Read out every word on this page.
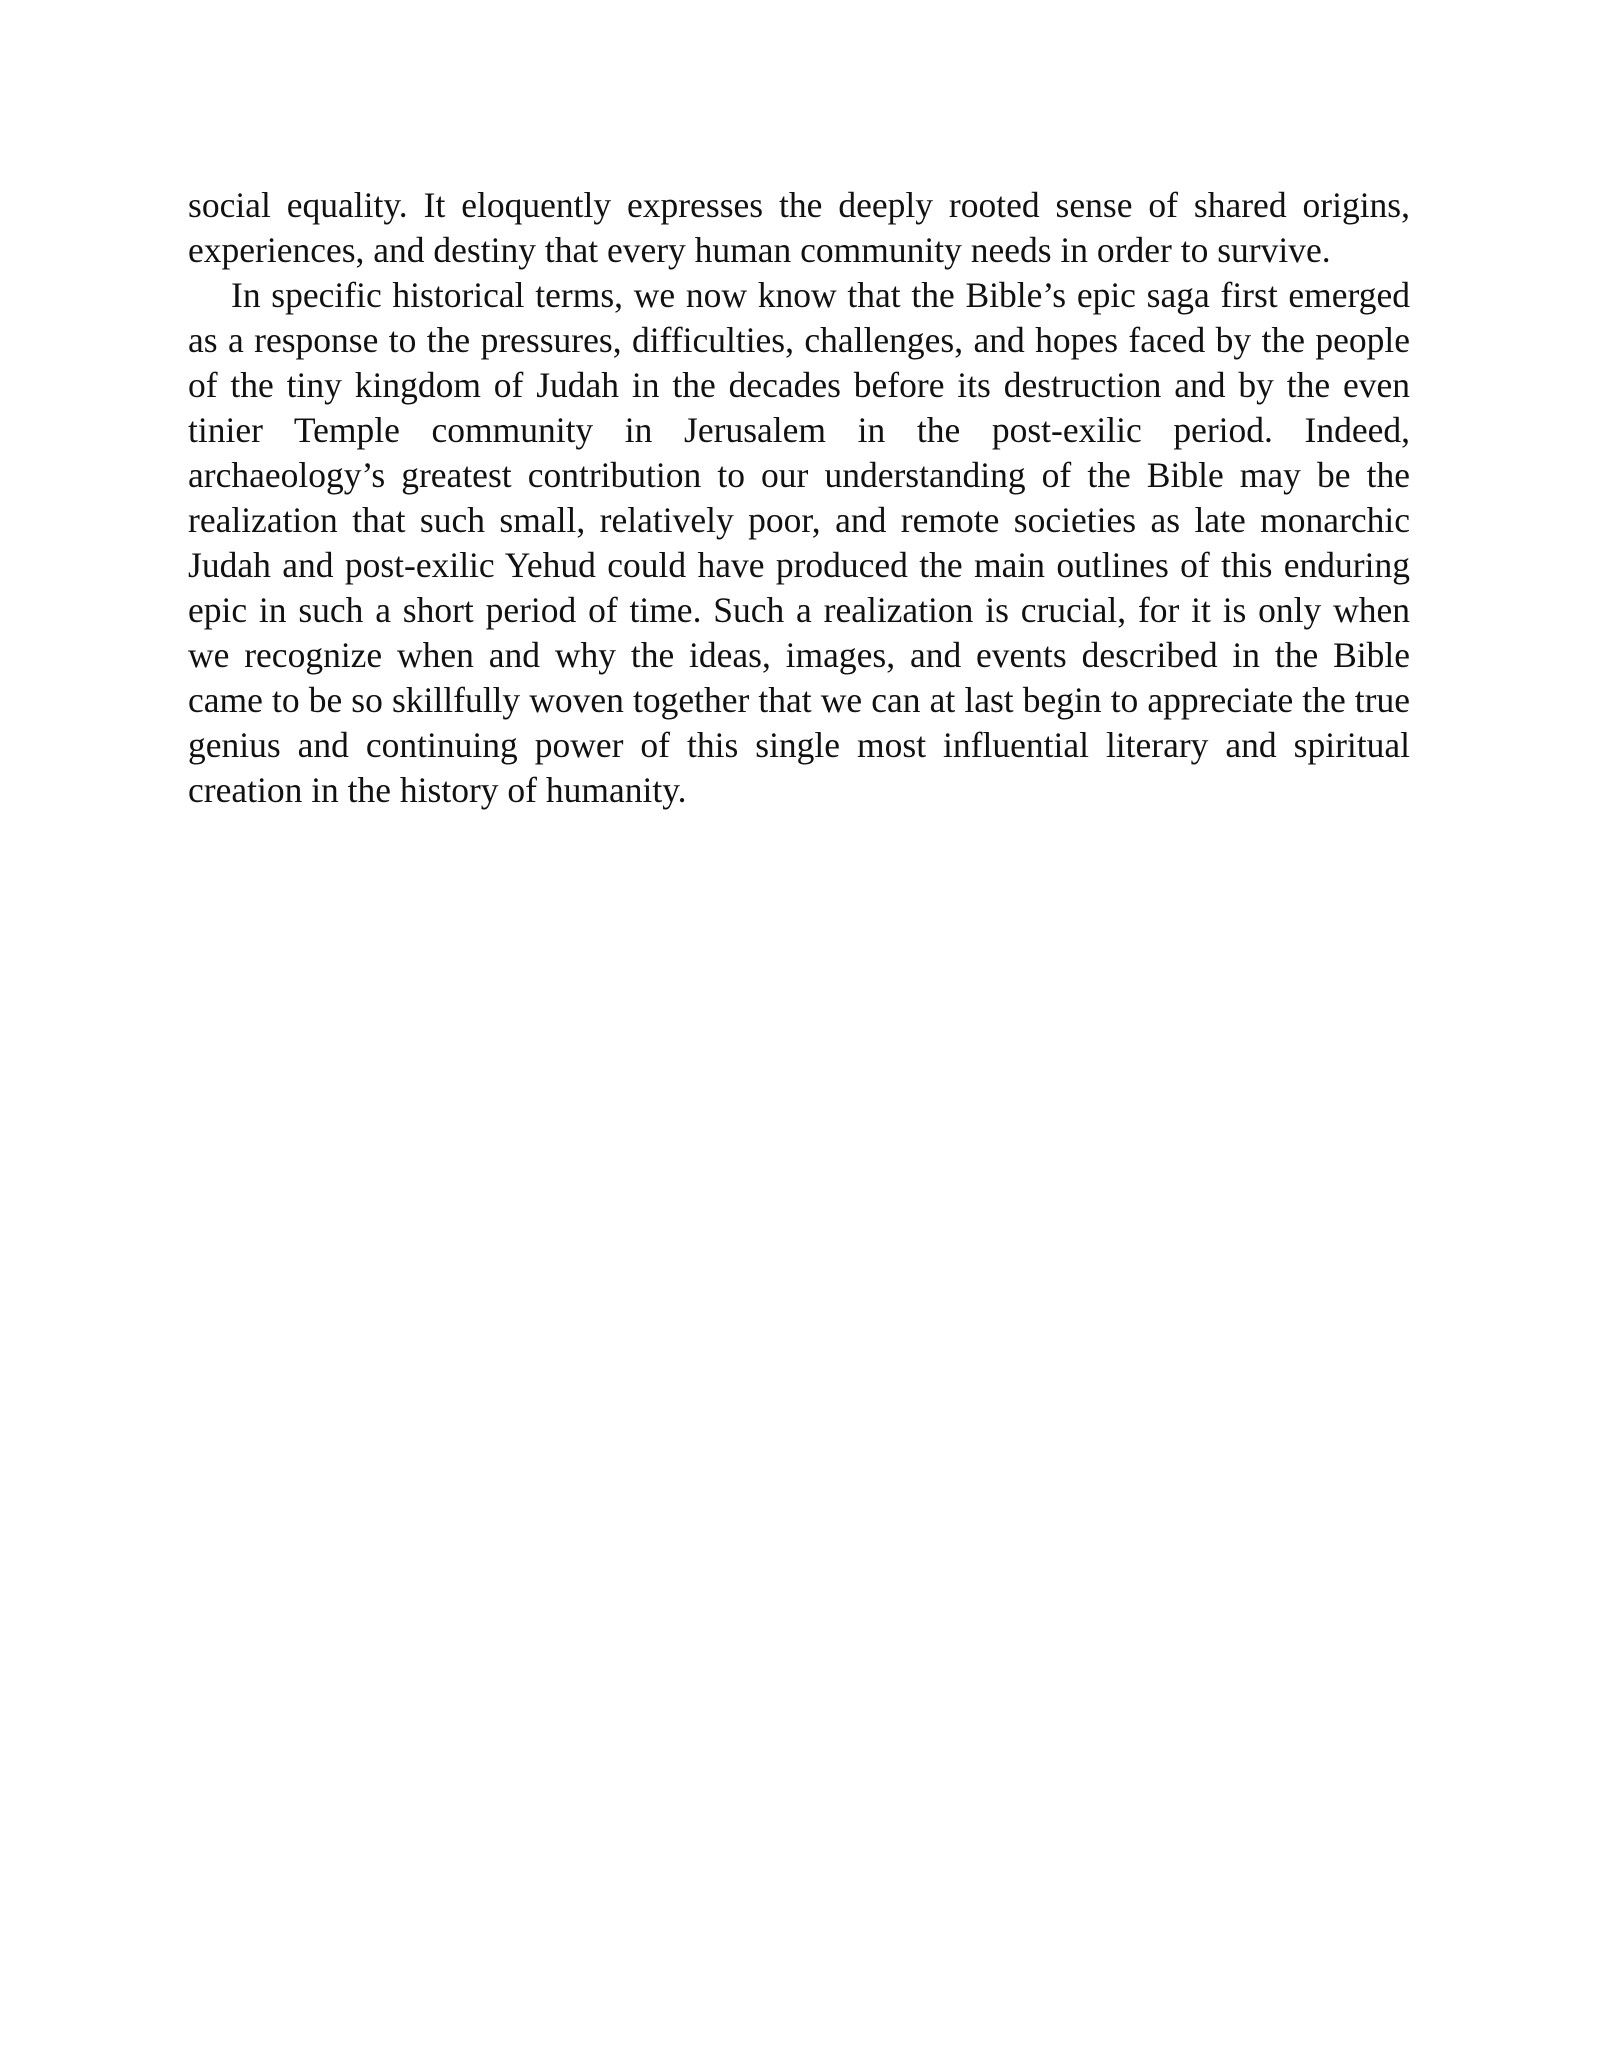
social equality. It eloquently expresses the deeply rooted sense of shared origins, experiences, and destiny that every human community needs in order to survive.

In specific historical terms, we now know that the Bible’s epic saga first emerged as a response to the pressures, difficulties, challenges, and hopes faced by the people of the tiny kingdom of Judah in the decades before its destruction and by the even tinier Temple community in Jerusalem in the post-exilic period. Indeed, archaeology’s greatest contribution to our understanding of the Bible may be the realization that such small, relatively poor, and remote societies as late monarchic Judah and post-exilic Yehud could have produced the main outlines of this enduring epic in such a short period of time. Such a realization is crucial, for it is only when we recognize when and why the ideas, images, and events described in the Bible came to be so skillfully woven together that we can at last begin to appreciate the true genius and continuing power of this single most influential literary and spiritual creation in the history of humanity.
